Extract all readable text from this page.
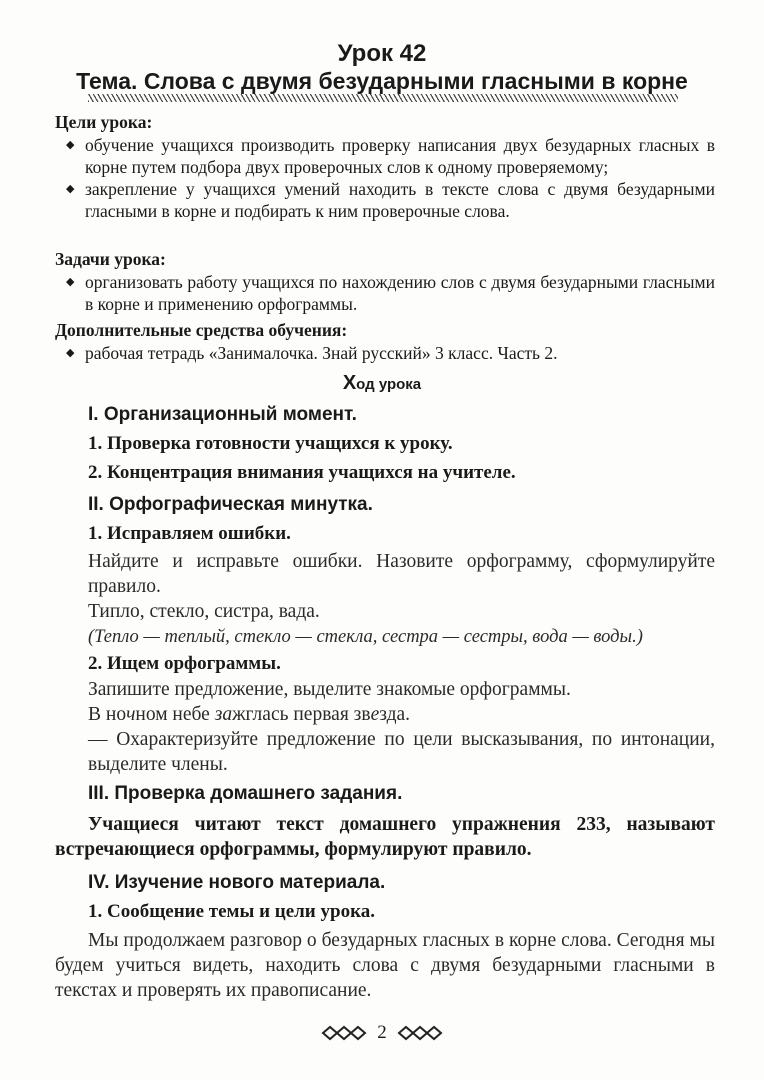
Урок 42
Тема. Слова с двумя безударными гласными в корне
Цели урока:
◆ обучение учащихся производить проверку написания двух безударных гласных в корне путем подбора двух проверочных слов к одному проверяемому;
◆ закрепление у учащихся умений находить в тексте слова с двумя безударными гласными в корне и подбирать к ним проверочные слова.
Задачи урока:
◆ организовать работу учащихся по нахождению слов с двумя безударными гласными в корне и применению орфограммы.
Дополнительные средства обучения:
◆ рабочая тетрадь «Занималочка. Знай русский» 3 класс. Часть 2.
Ход урока
I. Организационный момент.
1. Проверка готовности учащихся к уроку.
2. Концентрация внимания учащихся на учителе.
II. Орфографическая минутка.
1. Исправляем ошибки.
Найдите и исправьте ошибки. Назовите орфограмму, сформулируйте правило.
Типло, стекло, систра, вада.
(Тепло — теплый, стекло — стекла, сестра — сестры, вода — воды.)
2. Ищем орфограммы.
Запишите предложение, выделите знакомые орфограммы.
В ночном небе зажглась первая звезда.
— Охарактеризуйте предложение по цели высказывания, по интонации, выделите члены.
III. Проверка домашнего задания.
Учащиеся читают текст домашнего упражнения 233, называют встречающиеся орфограммы, формулируют правило.
IV. Изучение нового материала.
1. Сообщение темы и цели урока.
Мы продолжаем разговор о безударных гласных в корне слова. Сегодня мы будем учиться видеть, находить слова с двумя безударными гласными в текстах и проверять их правописание.
2
